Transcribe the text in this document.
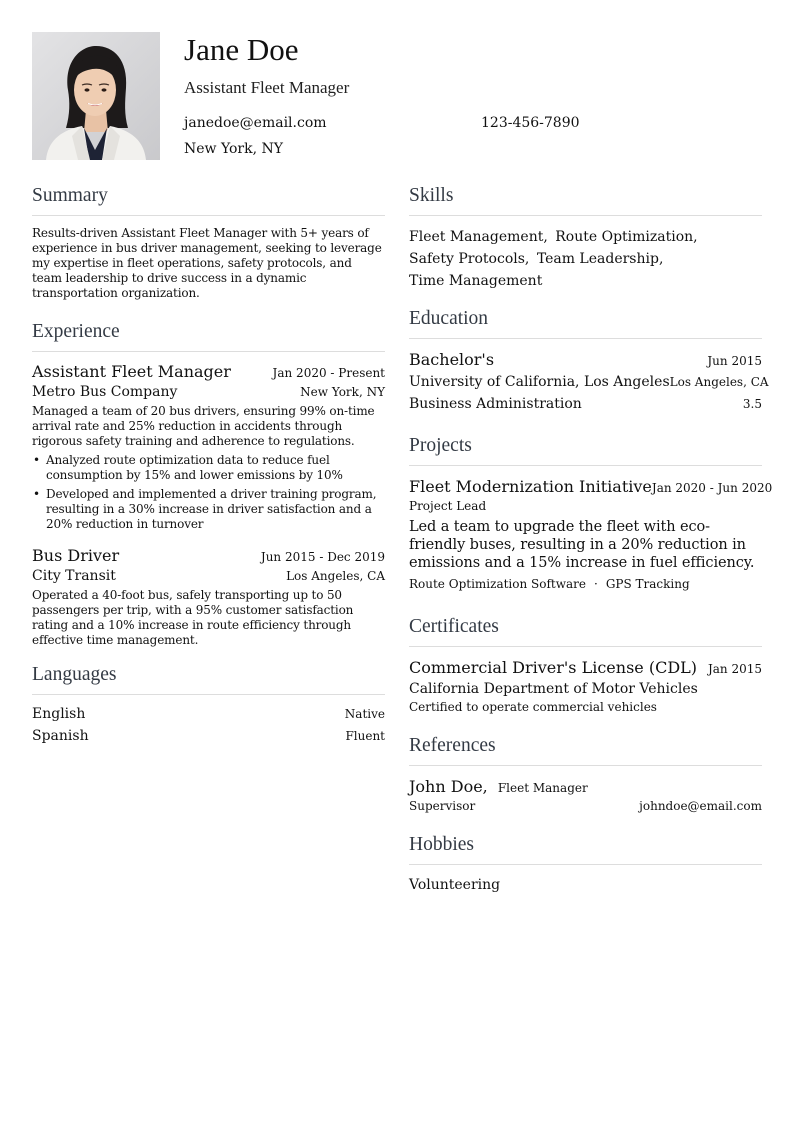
Jane Doe
Assistant Fleet Manager
janedoe@email.com	123-456-7890
New York, NY
Summary
Results-driven Assistant Fleet Manager with 5+ years of experience in bus driver management, seeking to leverage my expertise in fleet operations, safety protocols, and team leadership to drive success in a dynamic transportation organization.
Experience
Assistant Fleet Manager	Jan 2020 - Present
Metro Bus Company	New York, NY
Managed a team of 20 bus drivers, ensuring 99% on-time arrival rate and 25% reduction in accidents through rigorous safety training and adherence to regulations.
• Analyzed route optimization data to reduce fuel consumption by 15% and lower emissions by 10%
• Developed and implemented a driver training program, resulting in a 30% increase in driver satisfaction and a 20% reduction in turnover
Bus Driver	Jun 2015 - Dec 2019
City Transit	Los Angeles, CA
Operated a 40-foot bus, safely transporting up to 50 passengers per trip, with a 95% customer satisfaction rating and a 10% increase in route efficiency through effective time management.
Languages
English	Native
Spanish	Fluent
Skills
Fleet Management, Route Optimization,
Safety Protocols, Team Leadership,
Time Management
Education
Bachelor's	Jun 2015
University of California, Los Angeles Los Angeles, CA
Business Administration	3.5
Projects
Fleet Modernization Initiative Jan 2020 - Jun 2020
Project Lead
Led a team to upgrade the fleet with eco-friendly buses, resulting in a 20% reduction in emissions and a 15% increase in fuel efficiency.
Route Optimization Software · GPS Tracking
Certificates
Commercial Driver's License (CDL) Jan 2015
California Department of Motor Vehicles
Certified to operate commercial vehicles
References
John Doe, Fleet Manager
Supervisor	johndoe@email.com
Hobbies
Volunteering
